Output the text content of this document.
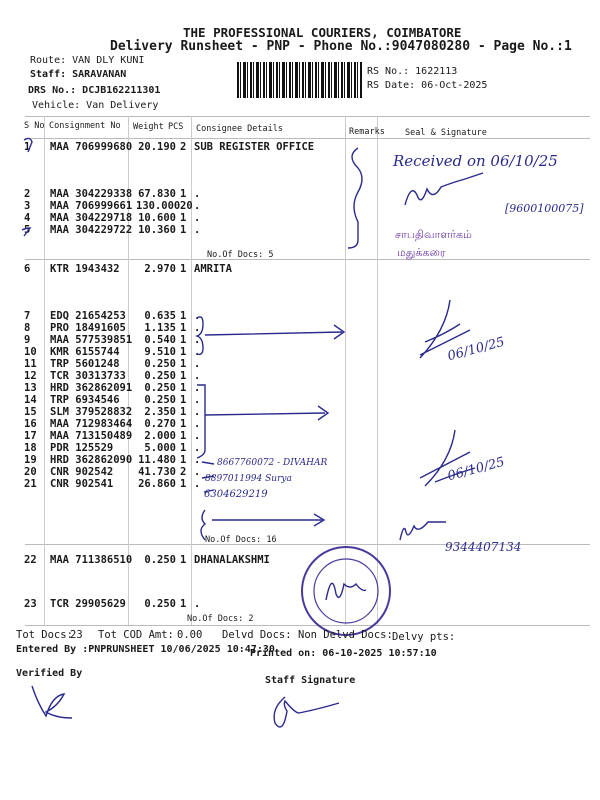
THE PROFESSIONAL COURIERS, COIMBATORE
Delivery Runsheet - PNP - Phone No.:9047080280 - Page No.:1
Route: VAN DLY KUNI
Staff: SARAVANAN
DRS No.: DCJB162211301
Vehicle: Van Delivery
RS No.: 1622113
RS Date: 06-Oct-2025
S No Consignment No Weight PCS Consignee Details	Remarks Seal & Signature
1 MAA 706999680 20.190 2 SUB REGISTER OFFICE
2 MAA 304229338 67.830 1 .
3 MAA 706999661 130.000 20 .
4 MAA 304229718 10.600 1 .
5 MAA 304229722 10.360 1 .
6 KTR 1943432	2.970 1 AMRITA
7 EDQ 21654253	0.635 1 .
8 PRO 18491605	1.135 1 .
9 MAA 577539851	0.540 1 .
10 KMR 6155744	9.510 1 .
11 TRP 5601248	0.250 1 .
12 TCR 30313733	0.250 1 .
13 HRD 362862091	0.250 1 .
14 TRP 6934546	0.250 1 .
15 SLM 379528832	2.350 1 .
16 MAA 712983464	0.270 1 .
17 MAA 713150489	2.000 1 .
18 PDR 125529	5.000 1 .
19 HRD 362862090 11.480 1 .
20 CNR 902542 41.730 2 .
21 CNR 902541 26.860 1 .
22 MAA 711386510	0.250 1 DHANALAKSHMI
23 TCR 29905629	0.250 1 .
No.Of Docs: 5
No.Of Docs: 16
No.Of Docs: 2
Received on 06/10/25
[9600100075]
சாபதிவாளர்கம்
மதுக்கரை
06/10/25
06/10/25
8667760072 - DIVAHAR
8897011994 Surya
6304629219
9344407134
Tot Docs:
23 Tot COD Amt: 0.00 Delvd Docs: Non Delvd Docs: Delvy pts:
Entered By :PNPRUNSHEET 10/06/2025 10:47:30
Printed on: 06-10-2025 10:57:10
Verified By
Staff Signature
